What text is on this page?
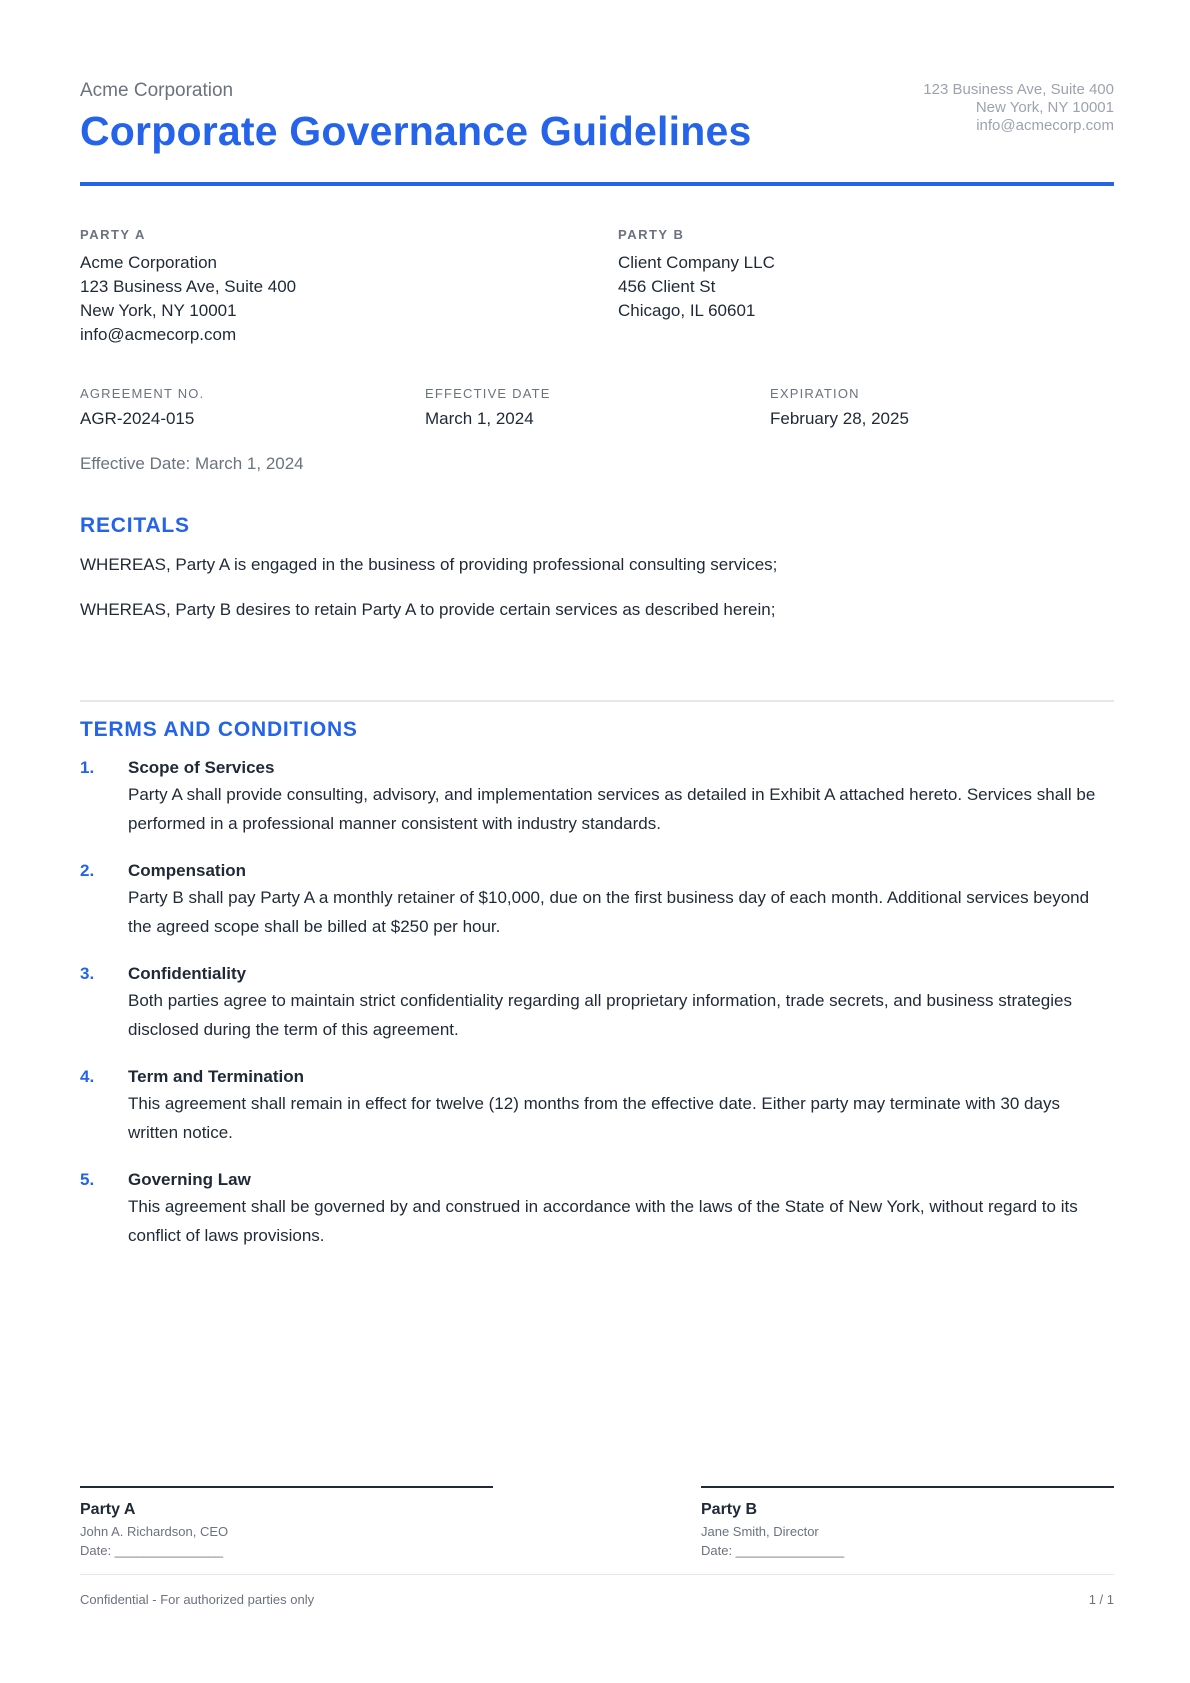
Acme Corporation
Corporate Governance Guidelines
123 Business Ave, Suite 400
New York, NY 10001
info@acmecorp.com
PARTY A
Acme Corporation
123 Business Ave, Suite 400
New York, NY 10001
info@acmecorp.com
PARTY B
Client Company LLC
456 Client St
Chicago, IL 60601
AGREEMENT NO.
AGR-2024-015
EFFECTIVE DATE
March 1, 2024
EXPIRATION
February 28, 2025
Effective Date: March 1, 2024
RECITALS
WHEREAS, Party A is engaged in the business of providing professional consulting services;
WHEREAS, Party B desires to retain Party A to provide certain services as described herein;
TERMS AND CONDITIONS
1. Scope of Services
Party A shall provide consulting, advisory, and implementation services as detailed in Exhibit A attached hereto. Services shall be performed in a professional manner consistent with industry standards.
2. Compensation
Party B shall pay Party A a monthly retainer of $10,000, due on the first business day of each month. Additional services beyond the agreed scope shall be billed at $250 per hour.
3. Confidentiality
Both parties agree to maintain strict confidentiality regarding all proprietary information, trade secrets, and business strategies disclosed during the term of this agreement.
4. Term and Termination
This agreement shall remain in effect for twelve (12) months from the effective date. Either party may terminate with 30 days written notice.
5. Governing Law
This agreement shall be governed by and construed in accordance with the laws of the State of New York, without regard to its conflict of laws provisions.
Party A
John A. Richardson, CEO
Date: _______________
Party B
Jane Smith, Director
Date: _______________
Confidential - For authorized parties only	1 / 1
